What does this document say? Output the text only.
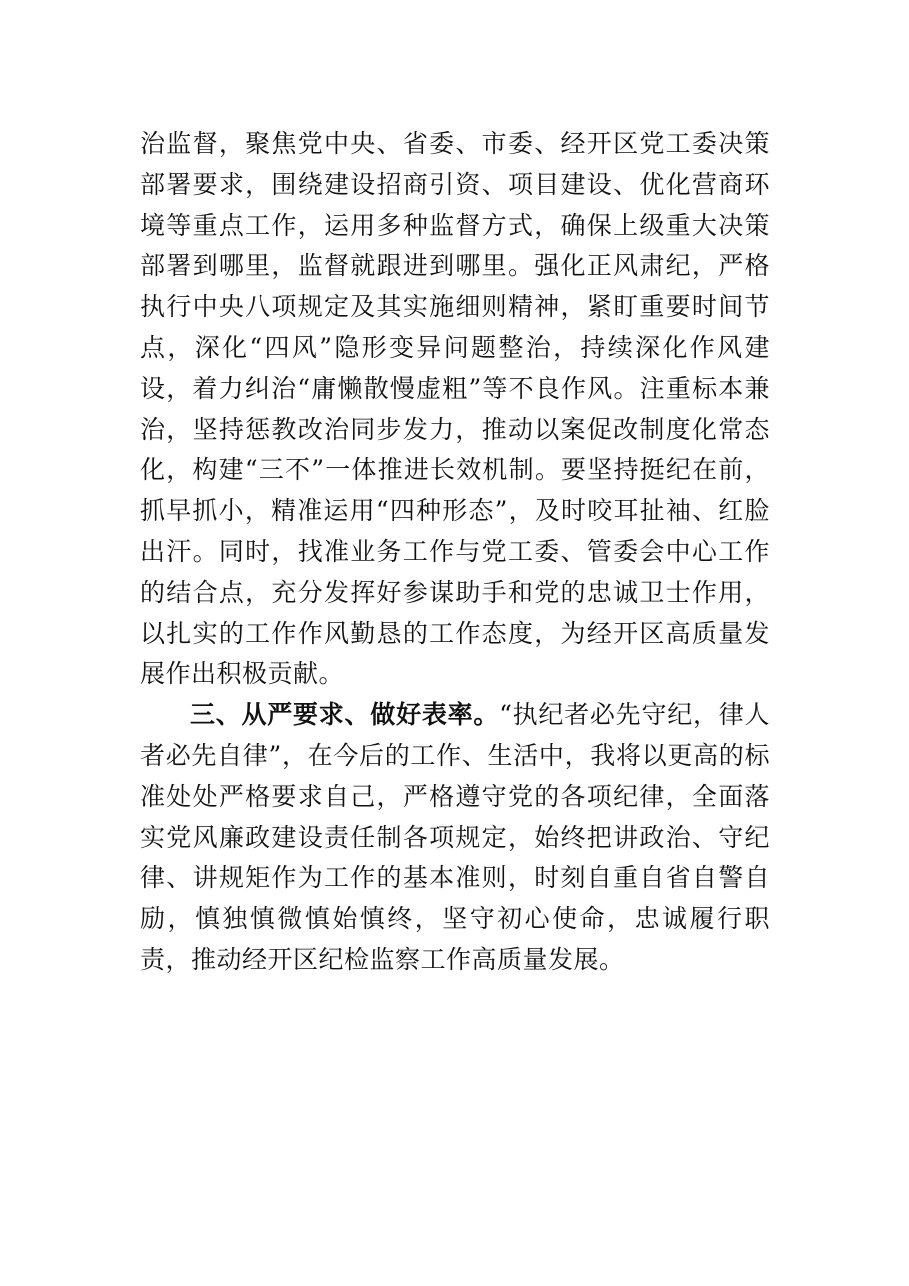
治监督，聚焦党中央、省委、市委、经开区党工委决策部署要求，围绕建设招商引资、项目建设、优化营商环境等重点工作，运用多种监督方式，确保上级重大决策部署到哪里，监督就跟进到哪里。强化正风肃纪，严格执行中央八项规定及其实施细则精神，紧盯重要时间节点，深化“四风”隐形变异问题整治，持续深化作风建设，着力纠治“庸懒散慢虚粗”等不良作风。注重标本兼治，坚持惩教改治同步发力，推动以案促改制度化常态化，构建“三不”一体推进长效机制。要坚持挺纪在前，抓早抓小，精准运用“四种形态”，及时咬耳扯袖、红脸出汗。同时，找准业务工作与党工委、管委会中心工作的结合点，充分发挥好参谋助手和党的忠诚卫士作用，以扎实的工作作风勤恳的工作态度，为经开区高质量发展作出积极贡献。

三、从严要求、做好表率。“执纪者必先守纪，律人者必先自律”，在今后的工作、生活中，我将以更高的标准处处严格要求自己，严格遵守党的各项纪律，全面落实党风廉政建设责任制各项规定，始终把讲政治、守纪律、讲规矩作为工作的基本准则，时刻自重自省自警自励，慎独慎微慎始慎终，坚守初心使命，忠诚履行职责，推动经开区纪检监察工作高质量发展。
